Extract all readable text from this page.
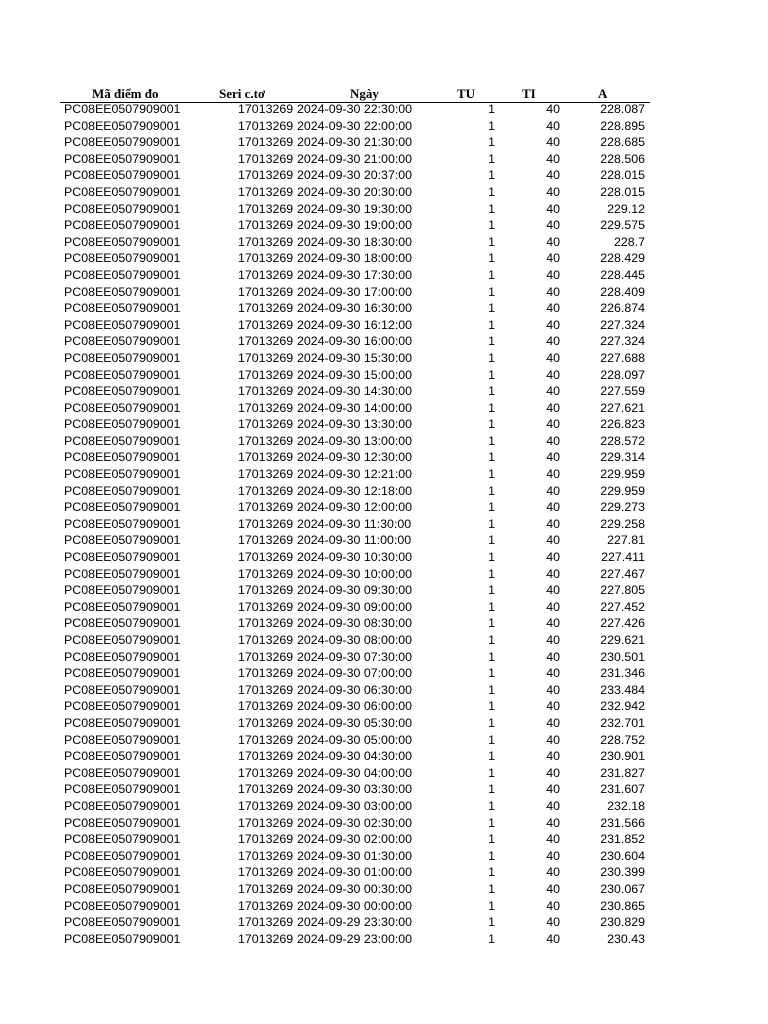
Mã điểm đo	Seri c.tơ	Ngày	TU	TI	A
PC08EE0507909001	17013269 2024-09-30 22:30:00	1	40	228.087
PC08EE0507909001	17013269 2024-09-30 22:00:00	1	40	228.895
PC08EE0507909001	17013269 2024-09-30 21:30:00	1	40	228.685
PC08EE0507909001	17013269 2024-09-30 21:00:00	1	40	228.506
PC08EE0507909001	17013269 2024-09-30 20:37:00	1	40	228.015
PC08EE0507909001	17013269 2024-09-30 20:30:00	1	40	228.015
PC08EE0507909001	17013269 2024-09-30 19:30:00	1	40	229.12
PC08EE0507909001	17013269 2024-09-30 19:00:00	1	40	229.575
PC08EE0507909001	17013269 2024-09-30 18:30:00	1	40	228.7
PC08EE0507909001	17013269 2024-09-30 18:00:00	1	40	228.429
PC08EE0507909001	17013269 2024-09-30 17:30:00	1	40	228.445
PC08EE0507909001	17013269 2024-09-30 17:00:00	1	40	228.409
PC08EE0507909001	17013269 2024-09-30 16:30:00	1	40	226.874
PC08EE0507909001	17013269 2024-09-30 16:12:00	1	40	227.324
PC08EE0507909001	17013269 2024-09-30 16:00:00	1	40	227.324
PC08EE0507909001	17013269 2024-09-30 15:30:00	1	40	227.688
PC08EE0507909001	17013269 2024-09-30 15:00:00	1	40	228.097
PC08EE0507909001	17013269 2024-09-30 14:30:00	1	40	227.559
PC08EE0507909001	17013269 2024-09-30 14:00:00	1	40	227.621
PC08EE0507909001	17013269 2024-09-30 13:30:00	1	40	226.823
PC08EE0507909001	17013269 2024-09-30 13:00:00	1	40	228.572
PC08EE0507909001	17013269 2024-09-30 12:30:00	1	40	229.314
PC08EE0507909001	17013269 2024-09-30 12:21:00	1	40	229.959
PC08EE0507909001	17013269 2024-09-30 12:18:00	1	40	229.959
PC08EE0507909001	17013269 2024-09-30 12:00:00	1	40	229.273
PC08EE0507909001	17013269 2024-09-30 11:30:00	1	40	229.258
PC08EE0507909001	17013269 2024-09-30 11:00:00	1	40	227.81
PC08EE0507909001	17013269 2024-09-30 10:30:00	1	40	227.411
PC08EE0507909001	17013269 2024-09-30 10:00:00	1	40	227.467
PC08EE0507909001	17013269 2024-09-30 09:30:00	1	40	227.805
PC08EE0507909001	17013269 2024-09-30 09:00:00	1	40	227.452
PC08EE0507909001	17013269 2024-09-30 08:30:00	1	40	227.426
PC08EE0507909001	17013269 2024-09-30 08:00:00	1	40	229.621
PC08EE0507909001	17013269 2024-09-30 07:30:00	1	40	230.501
PC08EE0507909001	17013269 2024-09-30 07:00:00	1	40	231.346
PC08EE0507909001	17013269 2024-09-30 06:30:00	1	40	233.484
PC08EE0507909001	17013269 2024-09-30 06:00:00	1	40	232.942
PC08EE0507909001	17013269 2024-09-30 05:30:00	1	40	232.701
PC08EE0507909001	17013269 2024-09-30 05:00:00	1	40	228.752
PC08EE0507909001	17013269 2024-09-30 04:30:00	1	40	230.901
PC08EE0507909001	17013269 2024-09-30 04:00:00	1	40	231.827
PC08EE0507909001	17013269 2024-09-30 03:30:00	1	40	231.607
PC08EE0507909001	17013269 2024-09-30 03:00:00	1	40	232.18
PC08EE0507909001	17013269 2024-09-30 02:30:00	1	40	231.566
PC08EE0507909001	17013269 2024-09-30 02:00:00	1	40	231.852
PC08EE0507909001	17013269 2024-09-30 01:30:00	1	40	230.604
PC08EE0507909001	17013269 2024-09-30 01:00:00	1	40	230.399
PC08EE0507909001	17013269 2024-09-30 00:30:00	1	40	230.067
PC08EE0507909001	17013269 2024-09-30 00:00:00	1	40	230.865
PC08EE0507909001	17013269 2024-09-29 23:30:00	1	40	230.829
PC08EE0507909001	17013269 2024-09-29 23:00:00	1	40	230.43
